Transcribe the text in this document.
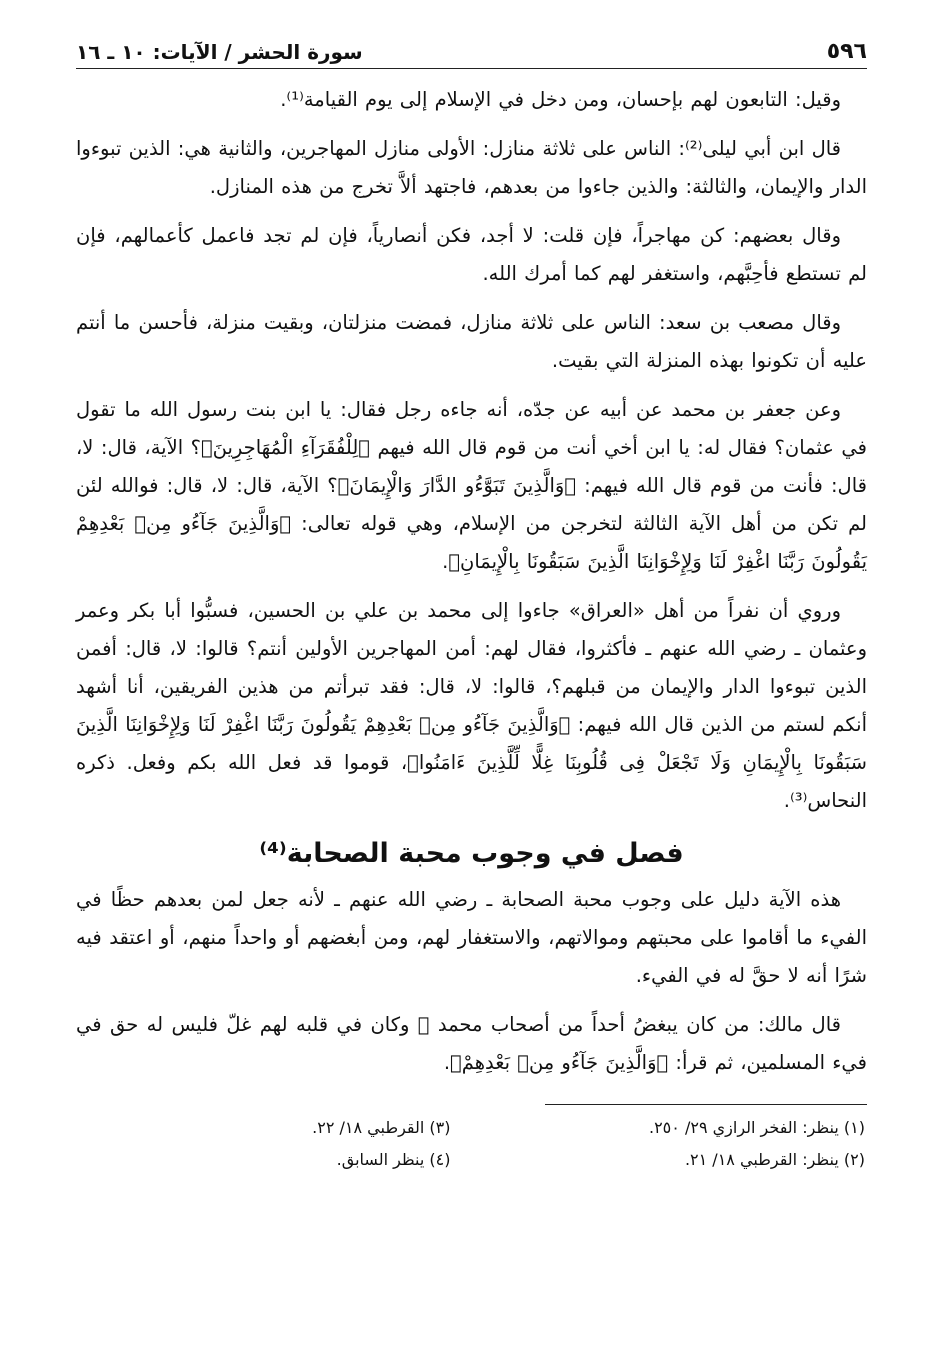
٥٩٦
سورة الحشر / الآيات: ١٠ ـ ١٦

وقيل: التابعون لهم بإحسان، ومن دخل في الإسلام إلى يوم القيامة⁽¹⁾.

قال ابن أبي ليلى⁽²⁾: الناس على ثلاثة منازل: الأولى منازل المهاجرين، والثانية هي: الذين تبوءوا الدار والإيمان، والثالثة: والذين جاءوا من بعدهم، فاجتهد ألاَّ تخرج من هذه المنازل.

وقال بعضهم: كن مهاجراً، فإن قلت: لا أجد، فكن أنصارياً، فإن لم تجد فاعمل كأعمالهم، فإن لم تستطع فأحِبَّهم، واستغفر لهم كما أمرك الله.

وقال مصعب بن سعد: الناس على ثلاثة منازل، فمضت منزلتان، وبقيت منزلة، فأحسن ما أنتم عليه أن تكونوا بهذه المنزلة التي بقيت.

وعن جعفر بن محمد عن أبيه عن جدّه، أنه جاءه رجل فقال: يا ابن بنت رسول الله ما تقول في عثمان؟ فقال له: يا ابن أخي أنت من قوم قال الله فيهم ﴿لِلْفُقَرَآءِ الْمُهَاجِرِينَ﴾؟ الآية، قال: لا، قال: فأنت من قوم قال الله فيهم: ﴿وَالَّذِينَ تَبَوَّءُو الدَّارَ وَالْإِيمَانَ﴾؟ الآية، قال: لا، قال: فوالله لئن لم تكن من أهل الآية الثالثة لتخرجن من الإسلام، وهي قوله تعالى: ﴿وَالَّذِينَ جَآءُو مِنۢ بَعْدِهِمْ يَقُولُونَ رَبَّنَا اغْفِرْ لَنَا وَلِإِخْوَانِنَا الَّذِينَ سَبَقُونَا بِالْإِيمَانِ﴾.

وروي أن نفراً من أهل «العراق» جاءوا إلى محمد بن علي بن الحسين، فسبُّوا أبا بكر وعمر وعثمان ـ رضي الله عنهم ـ فأكثروا، فقال لهم: أمن المهاجرين الأولين أنتم؟ قالوا: لا، قال: أفمن الذين تبوءوا الدار والإيمان من قبلهم؟، قالوا: لا، قال: فقد تبرأتم من هذين الفريقين، أنا أشهد أنكم لستم من الذين قال الله فيهم: ﴿وَالَّذِينَ جَآءُو مِنۢ بَعْدِهِمْ يَقُولُونَ رَبَّنَا اغْفِرْ لَنَا وَلِإِخْوَانِنَا الَّذِينَ سَبَقُونَا بِالْإِيمَانِ وَلَا تَجْعَلْ فِى قُلُوبِنَا غِلًّا لِّلَّذِينَ ءَامَنُوا﴾، قوموا قد فعل الله بكم وفعل. ذكره النحاس⁽³⁾.

فصل في وجوب محبة الصحابة⁽⁴⁾

هذه الآية دليل على وجوب محبة الصحابة ـ رضي الله عنهم ـ لأنه جعل لمن بعدهم حظًا في الفيء ما أقاموا على محبتهم وموالاتهم، والاستغفار لهم، ومن أبغضهم أو واحداً منهم، أو اعتقد فيه شرًا أنه لا حقَّ له في الفيء.

قال مالك: من كان يبغضُ أحداً من أصحاب محمد ﷺ وكان في قلبه لهم غلّ فليس له حق في فيء المسلمين، ثم قرأ: ﴿وَالَّذِينَ جَآءُو مِنۢ بَعْدِهِمْ﴾.

(١) ينظر: الفخر الرازي ٢٩/ ٢٥٠.
(٣) القرطبي ١٨/ ٢٢.
(٢) ينظر: القرطبي ١٨/ ٢١.
(٤) ينظر السابق.
